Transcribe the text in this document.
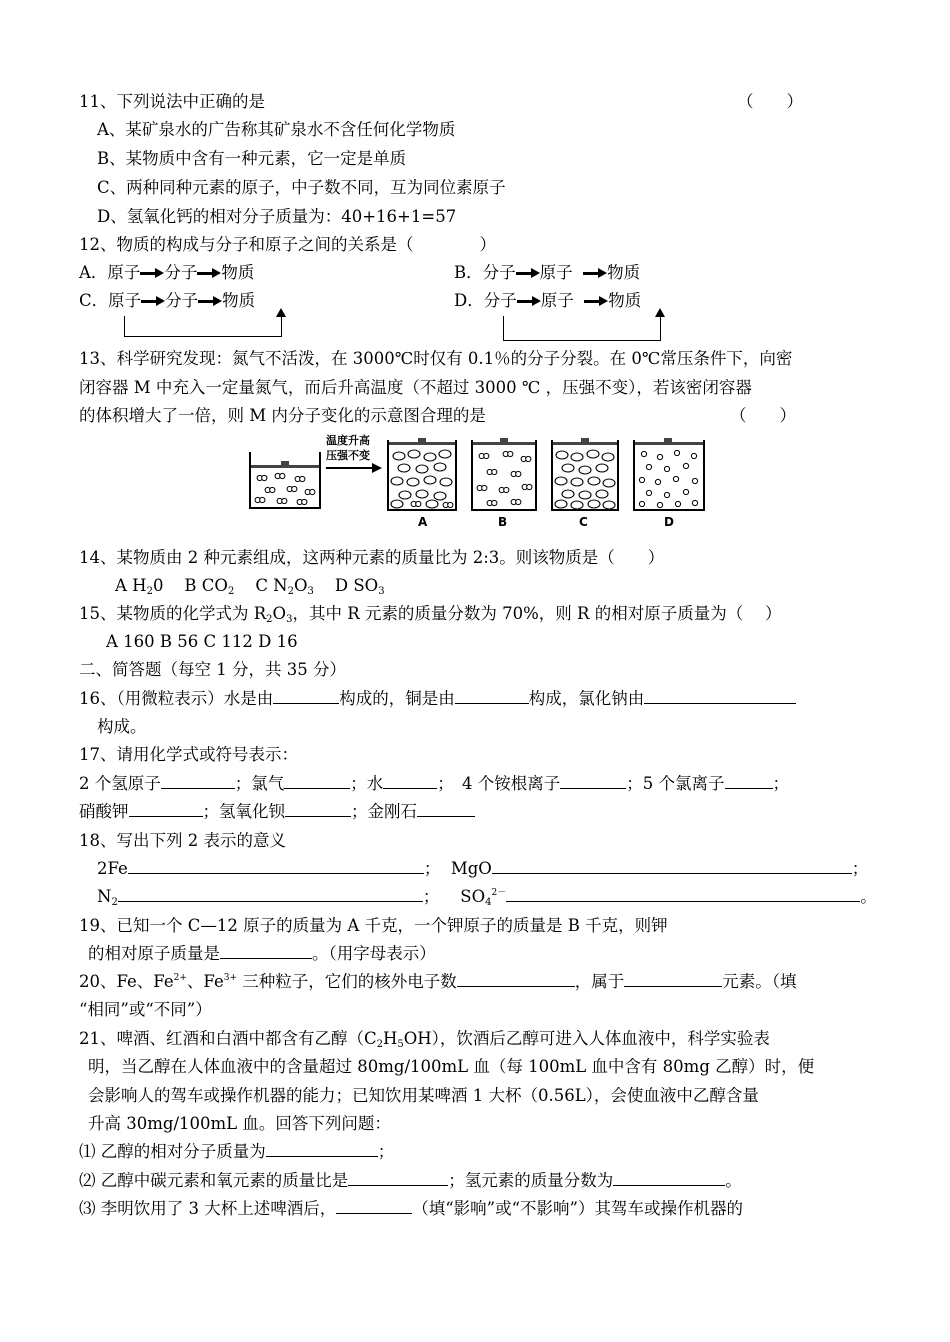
11、下列说法中正确的是	（　　）
A、某矿泉水的广告称其矿泉水不含任何化学物质
B、某物质中含有一种元素，它一定是单质
C、两种同种元素的原子，中子数不同，互为同位素原子
D、氢氧化钙的相对分子质量为：40+16+1=57
12、物质的构成与分子和原子之间的关系是（　　　　）
A．原子 分子 物质	B．分子 原子 物质
C．原子 分子 物质	D．分子 原子 物质
13、科学研究发现：氮气不活泼，在 3000℃时仅有 0.1％的分子分裂。在 0℃常压条件下，向密
闭容器 M 中充入一定量氮气，而后升高温度（不超过 3000 ℃ ，压强不变），若该密闭容器
的体积增大了一倍，则 M 内分子变化的示意图合理的是	（　　）
温度升高
压强不变
A	B	C	D
14、某物质由 2 种元素组成，这两种元素的质量比为 2:3。则该物质是（　　）
A $H_20$ B $CO_2$ C $N_2O_3$ D $SO_3$
15、某物质的化学式为 $R_2O_3$，其中 R 元素的质量分数为 70%，则 R 的相对原子质量为（　 ）
A 160 B 56 C 112 D 16
二、简答题（每空 1 分，共 35 分）
16、（用微粒表示）水是由	构成的，铜是由	构成，氯化钠由
构成。
17、请用化学式或符号表示：
2 个氢原子	；氯气	；水	；　4 个铵根离子	；5 个氯离子	；
硝酸钾	；氢氧化钡	；金刚石
18、写出下列 2 表示的意义
2Fe	； MgO	；
$N_2$	； $SO_4^{2-}$	。
19、已知一个 C—12 原子的质量为 A 千克，一个钾原子的质量是 B 千克，则钾
的相对原子质量是	。（用字母表示）
20、Fe、$Fe^{2+}$、$Fe^{3+}$ 三种粒子，它们的核外电子数	，属于	元素。（填
“相同”或“不同”）
21、啤酒、红酒和白酒中都含有乙醇$(C_2H_5OH)$，饮酒后乙醇可进入人体血液中，科学实验表
明，当乙醇在人体血液中的含量超过 80mg/100mL 血（每 100mL 血中含有 80mg 乙醇）时，便
会影响人的驾车或操作机器的能力；已知饮用某啤酒 1 大杯（0.56L），会使血液中乙醇含量
升高 30mg/100mL 血。回答下列问题：
⑴ 乙醇的相对分子质量为	；
⑵ 乙醇中碳元素和氧元素的质量比是	；氢元素的质量分数为	。
⑶ 李明饮用了 3 大杯上述啤酒后，	（填“影响”或“不影响”）其驾车或操作机器的
